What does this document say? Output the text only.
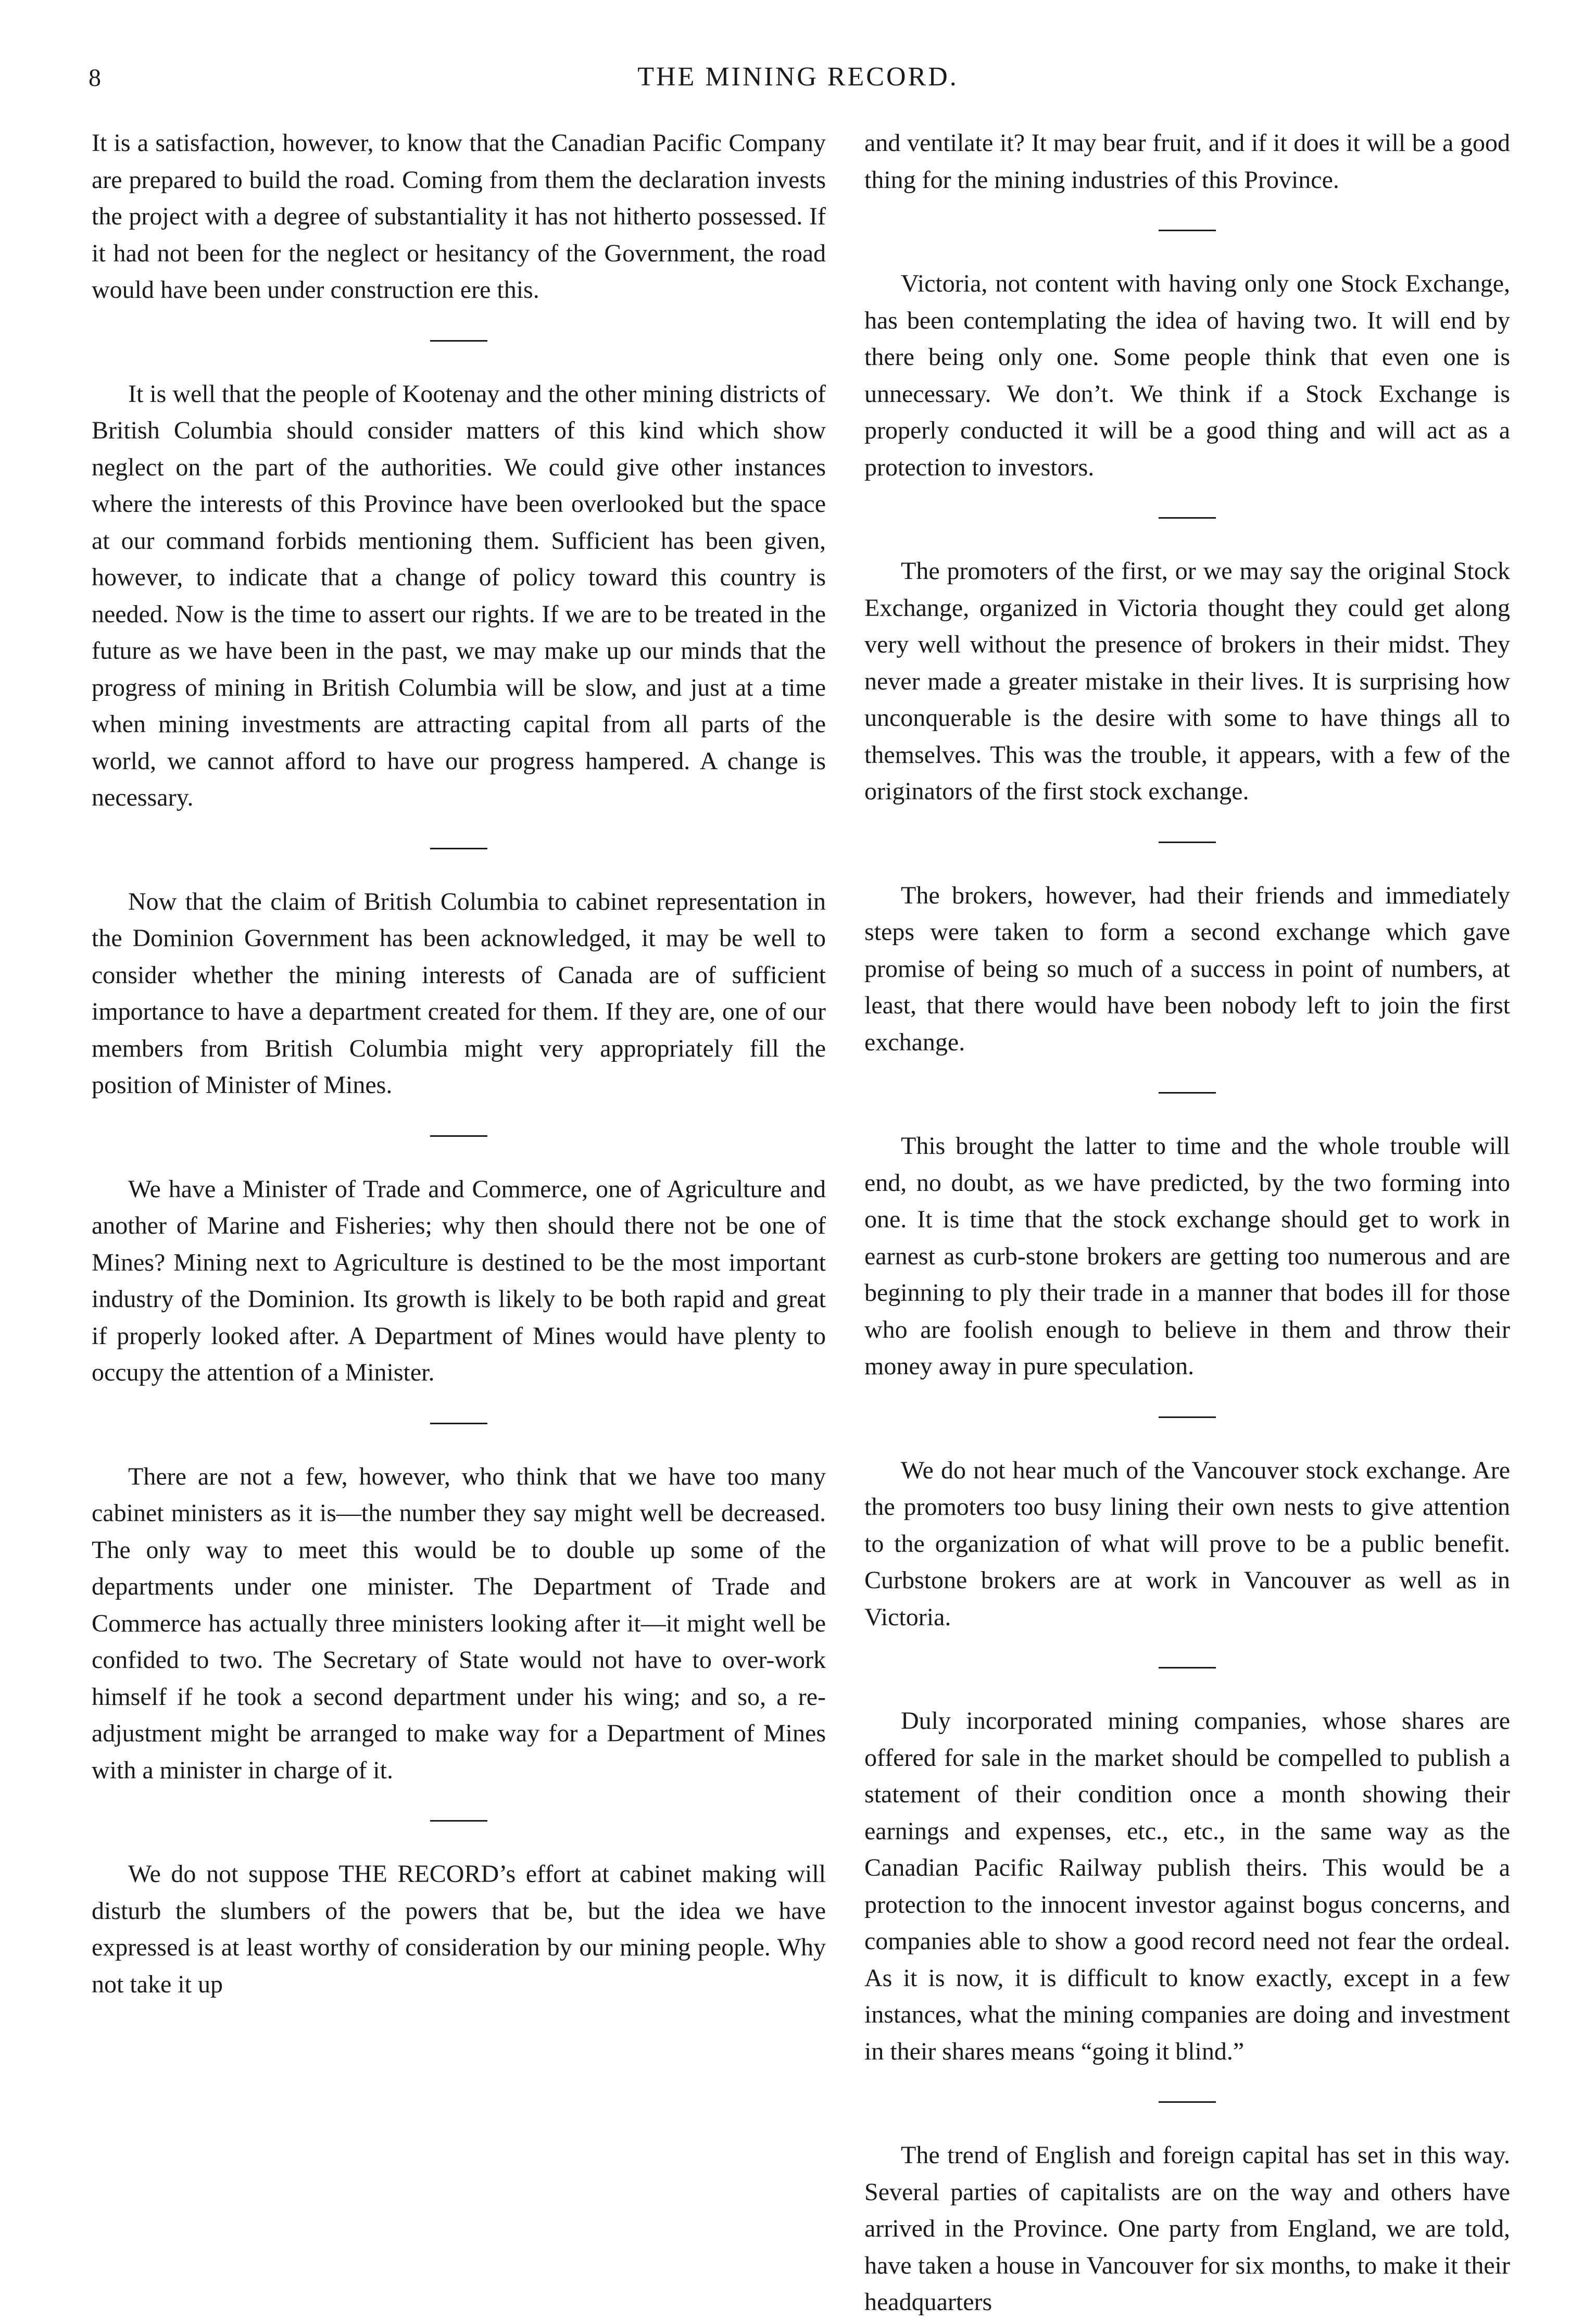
8	THE MINING RECORD.

It is a satisfaction, however, to know that the Canadian Pacific Company are prepared to build the road. Coming from them the declaration invests the project with a degree of substantiality it has not hitherto possessed. If it had not been for the neglect or hesitancy of the Government, the road would have been under construction ere this.

It is well that the people of Kootenay and the other mining districts of British Columbia should consider matters of this kind which show neglect on the part of the authorities. We could give other instances where the interests of this Province have been overlooked but the space at our command forbids mentioning them. Sufficient has been given, however, to indicate that a change of policy toward this country is needed. Now is the time to assert our rights. If we are to be treated in the future as we have been in the past, we may make up our minds that the progress of mining in British Columbia will be slow, and just at a time when mining investments are attracting capital from all parts of the world, we cannot afford to have our progress hampered. A change is necessary.

Now that the claim of British Columbia to cabinet representation in the Dominion Government has been acknowledged, it may be well to consider whether the mining interests of Canada are of sufficient importance to have a department created for them. If they are, one of our members from British Columbia might very appropriately fill the position of Minister of Mines.

We have a Minister of Trade and Commerce, one of Agriculture and another of Marine and Fisheries; why then should there not be one of Mines? Mining next to Agriculture is destined to be the most important industry of the Dominion. Its growth is likely to be both rapid and great if properly looked after. A Department of Mines would have plenty to occupy the attention of a Minister.

There are not a few, however, who think that we have too many cabinet ministers as it is—the number they say might well be decreased. The only way to meet this would be to double up some of the departments under one minister. The Department of Trade and Commerce has actually three ministers looking after it—it might well be confided to two. The Secretary of State would not have to over-work himself if he took a second department under his wing; and so, a re-adjustment might be arranged to make way for a Department of Mines with a minister in charge of it.

We do not suppose THE RECORD’s effort at cabinet making will disturb the slumbers of the powers that be, but the idea we have expressed is at least worthy of consideration by our mining people. Why not take it up

and ventilate it? It may bear fruit, and if it does it will be a good thing for the mining industries of this Province.

Victoria, not content with having only one Stock Exchange, has been contemplating the idea of having two. It will end by there being only one. Some people think that even one is unnecessary. We don’t. We think if a Stock Exchange is properly conducted it will be a good thing and will act as a protection to investors.

The promoters of the first, or we may say the original Stock Exchange, organized in Victoria thought they could get along very well without the presence of brokers in their midst. They never made a greater mistake in their lives. It is surprising how unconquerable is the desire with some to have things all to themselves. This was the trouble, it appears, with a few of the originators of the first stock exchange.

The brokers, however, had their friends and immediately steps were taken to form a second exchange which gave promise of being so much of a success in point of numbers, at least, that there would have been nobody left to join the first exchange.

This brought the latter to time and the whole trouble will end, no doubt, as we have predicted, by the two forming into one. It is time that the stock exchange should get to work in earnest as curb-stone brokers are getting too numerous and are beginning to ply their trade in a manner that bodes ill for those who are foolish enough to believe in them and throw their money away in pure speculation.

We do not hear much of the Vancouver stock exchange. Are the promoters too busy lining their own nests to give attention to the organization of what will prove to be a public benefit. Curbstone brokers are at work in Vancouver as well as in Victoria.

Duly incorporated mining companies, whose shares are offered for sale in the market should be compelled to publish a statement of their condition once a month showing their earnings and expenses, etc., etc., in the same way as the Canadian Pacific Railway publish theirs. This would be a protection to the innocent investor against bogus concerns, and companies able to show a good record need not fear the ordeal. As it is now, it is difficult to know exactly, except in a few instances, what the mining companies are doing and investment in their shares means “going it blind.”

The trend of English and foreign capital has set in this way. Several parties of capitalists are on the way and others have arrived in the Province. One party from England, we are told, have taken a house in Vancouver for six months, to make it their headquarters
